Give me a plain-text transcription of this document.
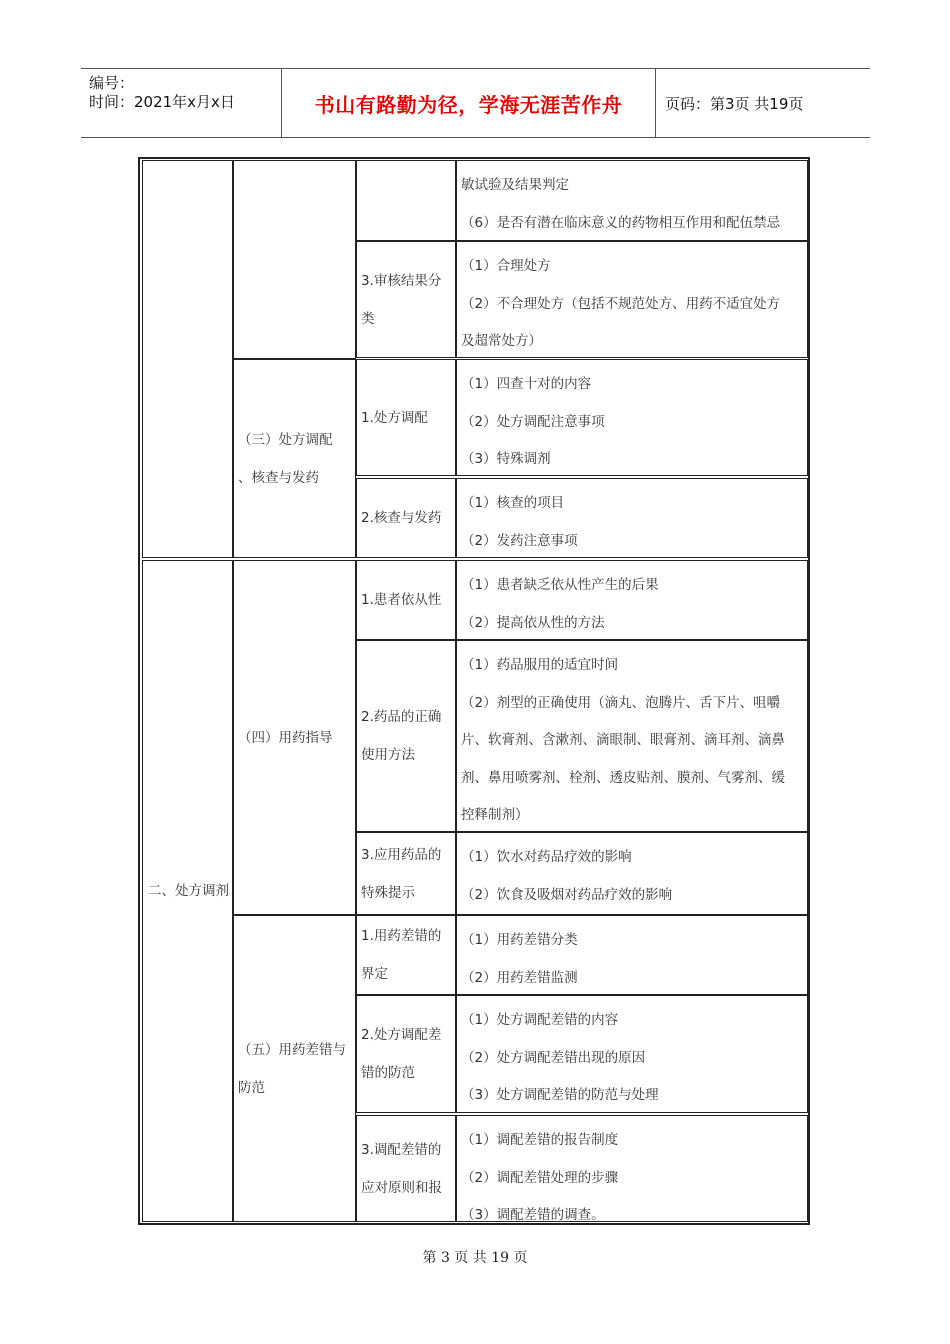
编号：
时间：2021年x月x日	书山有路勤为径，学海无涯苦作舟	页码：第3页 共19页
二、处方调剂
（三）处方调配
、核查与发药
（四）用药指导
（五）用药差错与
防范
敏试验及结果判定
（6）是否有潜在临床意义的药物相互作用和配伍禁忌
3.审核结果分
类
（1）合理处方
（2）不合理处方（包括不规范处方、用药不适宜处方
及超常处方）
1.处方调配
（1）四查十对的内容
（2）处方调配注意事项
（3）特殊调剂
2.核查与发药
（1）核查的项目
（2）发药注意事项
1.患者依从性
（1）患者缺乏依从性产生的后果
（2）提高依从性的方法
2.药品的正确
使用方法
（1）药品服用的适宜时间
（2）剂型的正确使用（滴丸、泡腾片、舌下片、咀嚼
片、软膏剂、含漱剂、滴眼制、眼膏剂、滴耳剂、滴鼻
剂、鼻用喷雾剂、栓剂、透皮贴剂、膜剂、气雾剂、缓
控释制剂）
3.应用药品的
特殊提示
（1）饮水对药品疗效的影响
（2）饮食及吸烟对药品疗效的影响
1.用药差错的
界定
（1）用药差错分类
（2）用药差错监测
2.处方调配差
错的防范
（1）处方调配差错的内容
（2）处方调配差错出现的原因
（3）处方调配差错的防范与处理
3.调配差错的
应对原则和报
（1）调配差错的报告制度
（2）调配差错处理的步骤
（3）调配差错的调查。
第 3 页 共 19 页
